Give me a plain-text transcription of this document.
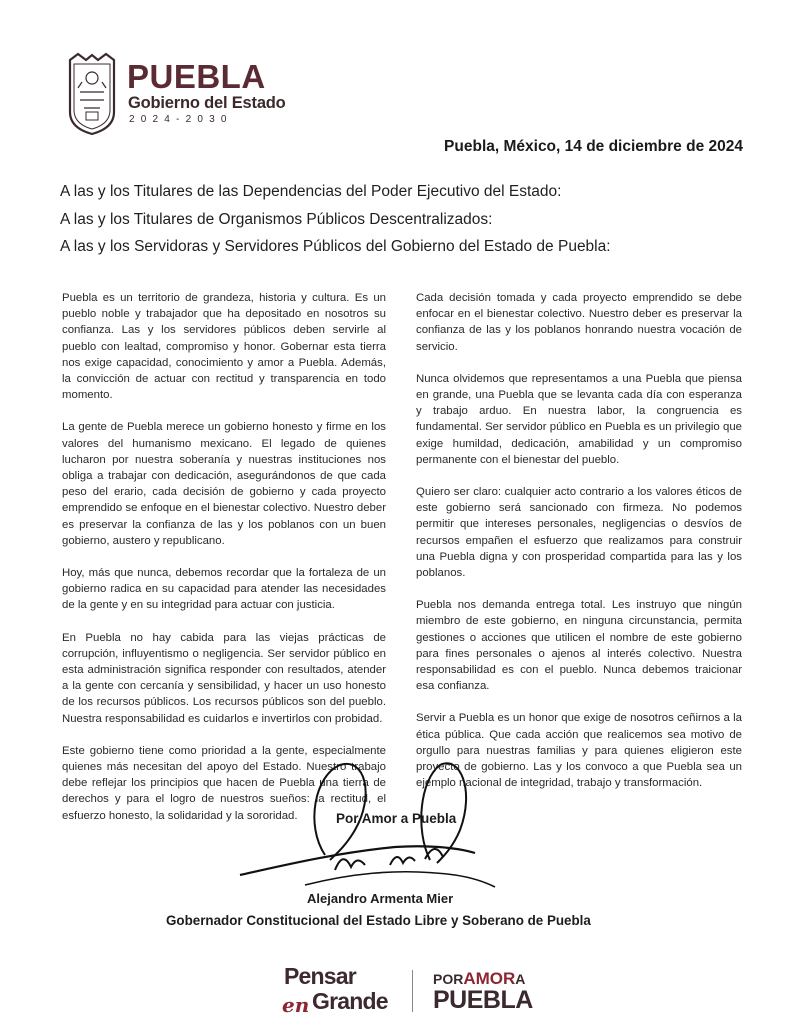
PUEBLA
Gobierno del Estado
2024-2030
Puebla, México, 14 de diciembre de 2024
A las y los Titulares de las Dependencias del Poder Ejecutivo del Estado:
A las y los Titulares de Organismos Públicos Descentralizados:
A las y los Servidoras y Servidores Públicos del Gobierno del Estado de Puebla:

Puebla es un territorio de grandeza, historia y cultura. Es un pueblo noble y trabajador que ha depositado en nosotros su confianza. Las y los servidores públicos deben servirle al pueblo con lealtad, compromiso y honor. Gobernar esta tierra nos exige capacidad, conocimiento y amor a Puebla. Además, la convicción de actuar con rectitud y transparencia en todo momento.

La gente de Puebla merece un gobierno honesto y firme en los valores del humanismo mexicano. El legado de quienes lucharon por nuestra soberanía y nuestras instituciones nos obliga a trabajar con dedicación, asegurándonos de que cada peso del erario, cada decisión de gobierno y cada proyecto emprendido se enfoque en el bienestar colectivo. Nuestro deber es preservar la confianza de las y los poblanos con un buen gobierno, austero y republicano.

Hoy, más que nunca, debemos recordar que la fortaleza de un gobierno radica en su capacidad para atender las necesidades de la gente y en su integridad para actuar con justicia.

En Puebla no hay cabida para las viejas prácticas de corrupción, influyentismo o negligencia. Ser servidor público en esta administración significa responder con resultados, atender a la gente con cercanía y sensibilidad, y hacer un uso honesto de los recursos públicos. Los recursos públicos son del pueblo. Nuestra responsabilidad es cuidarlos e invertirlos con probidad.

Este gobierno tiene como prioridad a la gente, especialmente quienes más necesitan del apoyo del Estado. Nuestro trabajo debe reflejar los principios que hacen de Puebla una tierra de derechos y para el logro de nuestros sueños: la rectitud, el esfuerzo honesto, la solidaridad y la sororidad.

Cada decisión tomada y cada proyecto emprendido se debe enfocar en el bienestar colectivo. Nuestro deber es preservar la confianza de las y los poblanos honrando nuestra vocación de servicio.

Nunca olvidemos que representamos a una Puebla que piensa en grande, una Puebla que se levanta cada día con esperanza y trabajo arduo. En nuestra labor, la congruencia es fundamental. Ser servidor público en Puebla es un privilegio que exige humildad, dedicación, amabilidad y un compromiso permanente con el bienestar del pueblo.

Quiero ser claro: cualquier acto contrario a los valores éticos de este gobierno será sancionado con firmeza. No podemos permitir que intereses personales, negligencias o desvíos de recursos empañen el esfuerzo que realizamos para construir una Puebla digna y con prosperidad compartida para las y los poblanos.

Puebla nos demanda entrega total. Les instruyo que ningún miembro de este gobierno, en ninguna circunstancia, permita gestiones o acciones que utilicen el nombre de este gobierno para fines personales o ajenos al interés colectivo. Nuestra responsabilidad es con el pueblo. Nunca debemos traicionar esa confianza.

Servir a Puebla es un honor que exige de nosotros ceñirnos a la ética pública. Que cada acción que realicemos sea motivo de orgullo para nuestras familias y para quienes eligieron este proyecto de gobierno. Las y los convoco a que Puebla sea un ejemplo nacional de integridad, trabajo y transformación.

Por Amor a Puebla
Alejandro Armenta Mier
Gobernador Constitucional del Estado Libre y Soberano de Puebla
Pensar
en Grande
PORAMORA
PUEBLA
